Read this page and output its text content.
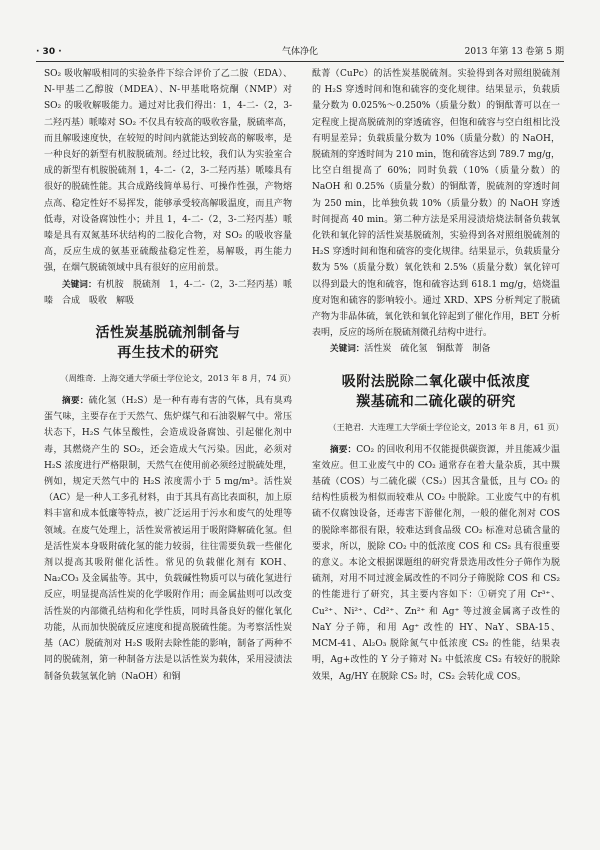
· 30 ·	气体净化	2013 年第 13 卷第 5 期

SO₂ 吸收解吸相同的实验条件下综合评价了乙二胺（EDA）、N-甲基二乙醇胺（MDEA）、N-甲基吡咯烷酮（NMP）对 SO₂ 的吸收解吸能力。通过对比我们得出：1，4-二-（2，3-二羟丙基）哌嗪对 SO₂ 不仅具有较高的吸收容量，脱硫率高，而且解吸速度快，在较短的时间内就能达到较高的解吸率，是一种良好的新型有机胺脱硫剂。经过比较，我们认为实验室合成的新型有机胺脱硫剂 1，4-二-（2，3-二羟丙基）哌嗪具有很好的脱硫性能。其合成路线简单易行、可操作性强，产物熔点高、稳定性好不易挥发，能够承受较高解吸温度，而且产物低毒，对设备腐蚀性小；并且 1，4-二-（2，3-二羟丙基）哌嗪是具有双氮基环状结构的二胺化合物，对 SO₂ 的吸收容量高，反应生成的氨基亚硫酸盐稳定性差，易解吸，再生能力强，在烟气脱硫领域中具有很好的应用前景。

关键词：有机胺　脱硫剂　1，4-二-（2，3-二羟丙基）哌嗪　合成　吸收　解吸

活性炭基脱硫剂制备与
再生技术的研究

（周维奇．上海交通大学硕士学位论文，2013 年 8 月，74 页）

摘要：硫化氢（H₂S）是一种有毒有害的气体，具有臭鸡蛋气味，主要存在于天然气、焦炉煤气和石油裂解气中。常压状态下，H₂S 气体呈酸性，会造成设备腐蚀、引起催化剂中毒，其燃烧产生的 SO₂，还会造成大气污染。因此，必须对 H₂S 浓度进行严格限制，天然气在使用前必须经过脱硫处理，例如，规定天然气中的 H₂S 浓度需小于 5 mg/m³。活性炭（AC）是一种人工多孔材料，由于其具有高比表面积，加上原料丰富和成本低廉等特点，被广泛运用于污水和废气的处理等领域。在废气处理上，活性炭常被运用于吸附降解硫化氢。但是活性炭本身吸附硫化氢的能力较弱，往往需要负载一些催化剂以提高其吸附催化活性。常见的负载催化剂有 KOH、Na₂CO₃ 及金属盐等。其中，负载碱性物质可以与硫化氢进行反应，明显提高活性炭的化学吸附作用；而金属盐则可以改变活性炭的内部微孔结构和化学性质，同时具备良好的催化氧化功能，从而加快脱硫反应速度和提高脱硫性能。为考察活性炭基（AC）脱硫剂对 H₂S 吸附去除性能的影响，制备了两种不同的脱硫剂，第一种制备方法是以活性炭为载体，采用浸渍法制备负载氢氧化钠（NaOH）和铜

酞菁（CuPc）的活性炭基脱硫剂。实验得到各对照组脱硫剂的 H₂S 穿透时间和饱和硫容的变化规律。结果显示，负载质量分数为 0.025%～0.250%（质量分数）的铜酞菁可以在一定程度上提高脱硫剂的穿透硫容，但饱和硫容与空白组相比没有明显差异；负载质量分数为 10%（质量分数）的 NaOH，脱硫剂的穿透时间为 210 min，饱和硫容达到 789.7 mg/g，比空白组提高了 60%；同时负载（10%（质量分数）的 NaOH 和 0.25%（质量分数）的铜酞菁，脱硫剂的穿透时间为 250 min，比单独负载 10%（质量分数）的 NaOH 穿透时间提高 40 min。第二种方法是采用浸渍焙烧法制备负载氧化铁和氧化锌的活性炭基脱硫剂，实验得到各对照组脱硫剂的 H₂S 穿透时间和饱和硫容的变化规律。结果显示，负载质量分数为 5%（质量分数）氧化铁和 2.5%（质量分数）氧化锌可以得到最大的饱和硫容，饱和硫容达到 618.1 mg/g，焙烧温度对饱和硫容的影响较小。通过 XRD、XPS 分析判定了脱硫产物为非晶体硫，氧化铁和氧化锌起到了催化作用，BET 分析表明，反应的场所在脱硫剂微孔结构中进行。

关键词：活性炭　硫化氢　铜酞菁　制备

吸附法脱除二氧化碳中低浓度
羰基硫和二硫化碳的研究

（王艳君．大连理工大学硕士学位论文，2013 年 8 月，61 页）

摘要：CO₂ 的回收利用不仅能提供碳资源，并且能减少温室效应。但工业废气中的 CO₂ 通常存在着大量杂质，其中羰基硫（COS）与二硫化碳（CS₂）因其含量低，且与 CO₂ 的结构性质极为相似而较难从 CO₂ 中脱除。工业废气中的有机硫不仅腐蚀设备，还毒害下游催化剂，一般的催化剂对 COS 的脱除率都很有限，较难达到食品级 CO₂ 标准对总硫含量的要求，所以，脱除 CO₂ 中的低浓度 COS 和 CS₂ 具有很重要的意义。本论文根据课题组的研究背景选用改性分子筛作为脱硫剂，对用不同过渡金属改性的不同分子筛脱除 COS 和 CS₂ 的性能进行了研究，其主要内容如下：①研究了用 Cr³⁺、Cu²⁺、Ni²⁺、Cd²⁺、Zn²⁺ 和 Ag⁺ 等过渡金属离子改性的 NaY 分子筛，和用 Ag⁺ 改性的 HY、NaY、SBA-15、MCM-41、Al₂O₃ 脱除氮气中低浓度 CS₂ 的性能，结果表明，Ag+改性的 Y 分子筛对 N₂ 中低浓度 CS₂ 有较好的脱除效果，Ag/HY 在脱除 CS₂ 时，CS₂ 会转化成 COS。
